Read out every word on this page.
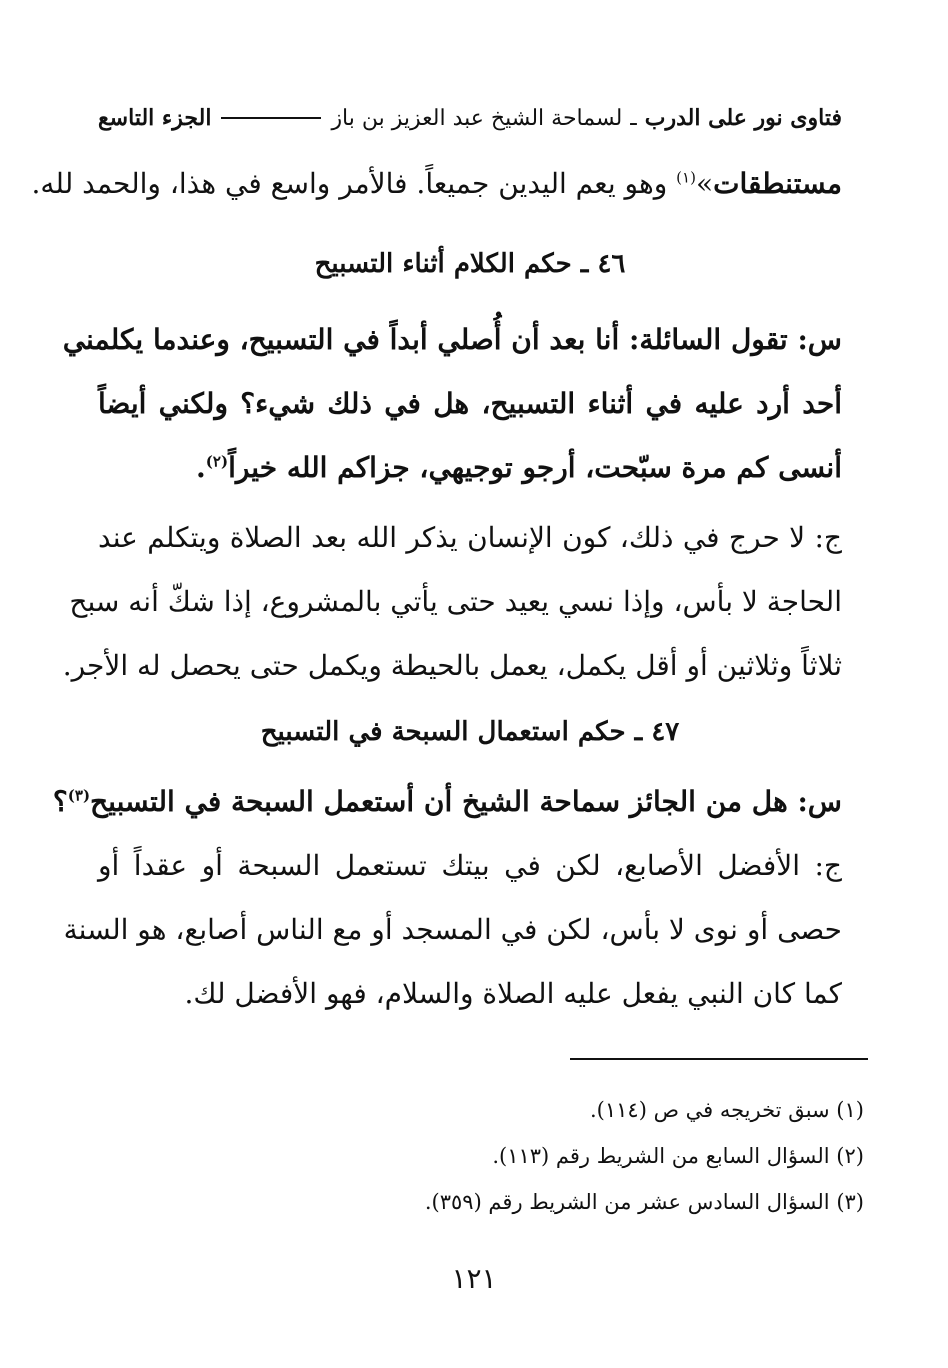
فتاوى نور على الدرب
ـ
لسماحة الشيخ عبد العزيز بن باز
الجزء التاسع
مستنطقات»$^{(١)}$ وهو يعم اليدين جميعاً. فالأمر واسع في هذا، والحمد لله.
٤٦ ـ حكم الكلام أثناء التسبيح
س: تقول السائلة: أنا بعد أن أُصلي أبداً في التسبيح، وعندما يكلمني
أحد أرد عليه في أثناء التسبيح، هل في ذلك شيء؟ ولكني أيضاً
أنسى كم مرة سبّحت، أرجو توجيهي، جزاكم الله خيراً$^{(٢)}$.
ج: لا حرج في ذلك، كون الإنسان يذكر الله بعد الصلاة ويتكلم عند
الحاجة لا بأس، وإذا نسي يعيد حتى يأتي بالمشروع، إذا شكّ أنه سبح
ثلاثاً وثلاثين أو أقل يكمل، يعمل بالحيطة ويكمل حتى يحصل له الأجر.
٤٧ ـ حكم استعمال السبحة في التسبيح
س: هل من الجائز سماحة الشيخ أن أستعمل السبحة في التسبيح$^{(٣)}$؟
ج: الأفضل الأصابع، لكن في بيتك تستعمل السبحة أو عقداً أو
حصى أو نوى لا بأس، لكن في المسجد أو مع الناس أصابع، هو السنة
كما كان النبي يفعل عليه الصلاة والسلام، فهو الأفضل لك.
(١) سبق تخريجه في ص (١١٤).
(٢) السؤال السابع من الشريط رقم (١١٣).
(٣) السؤال السادس عشر من الشريط رقم (٣٥٩).
١٢١
